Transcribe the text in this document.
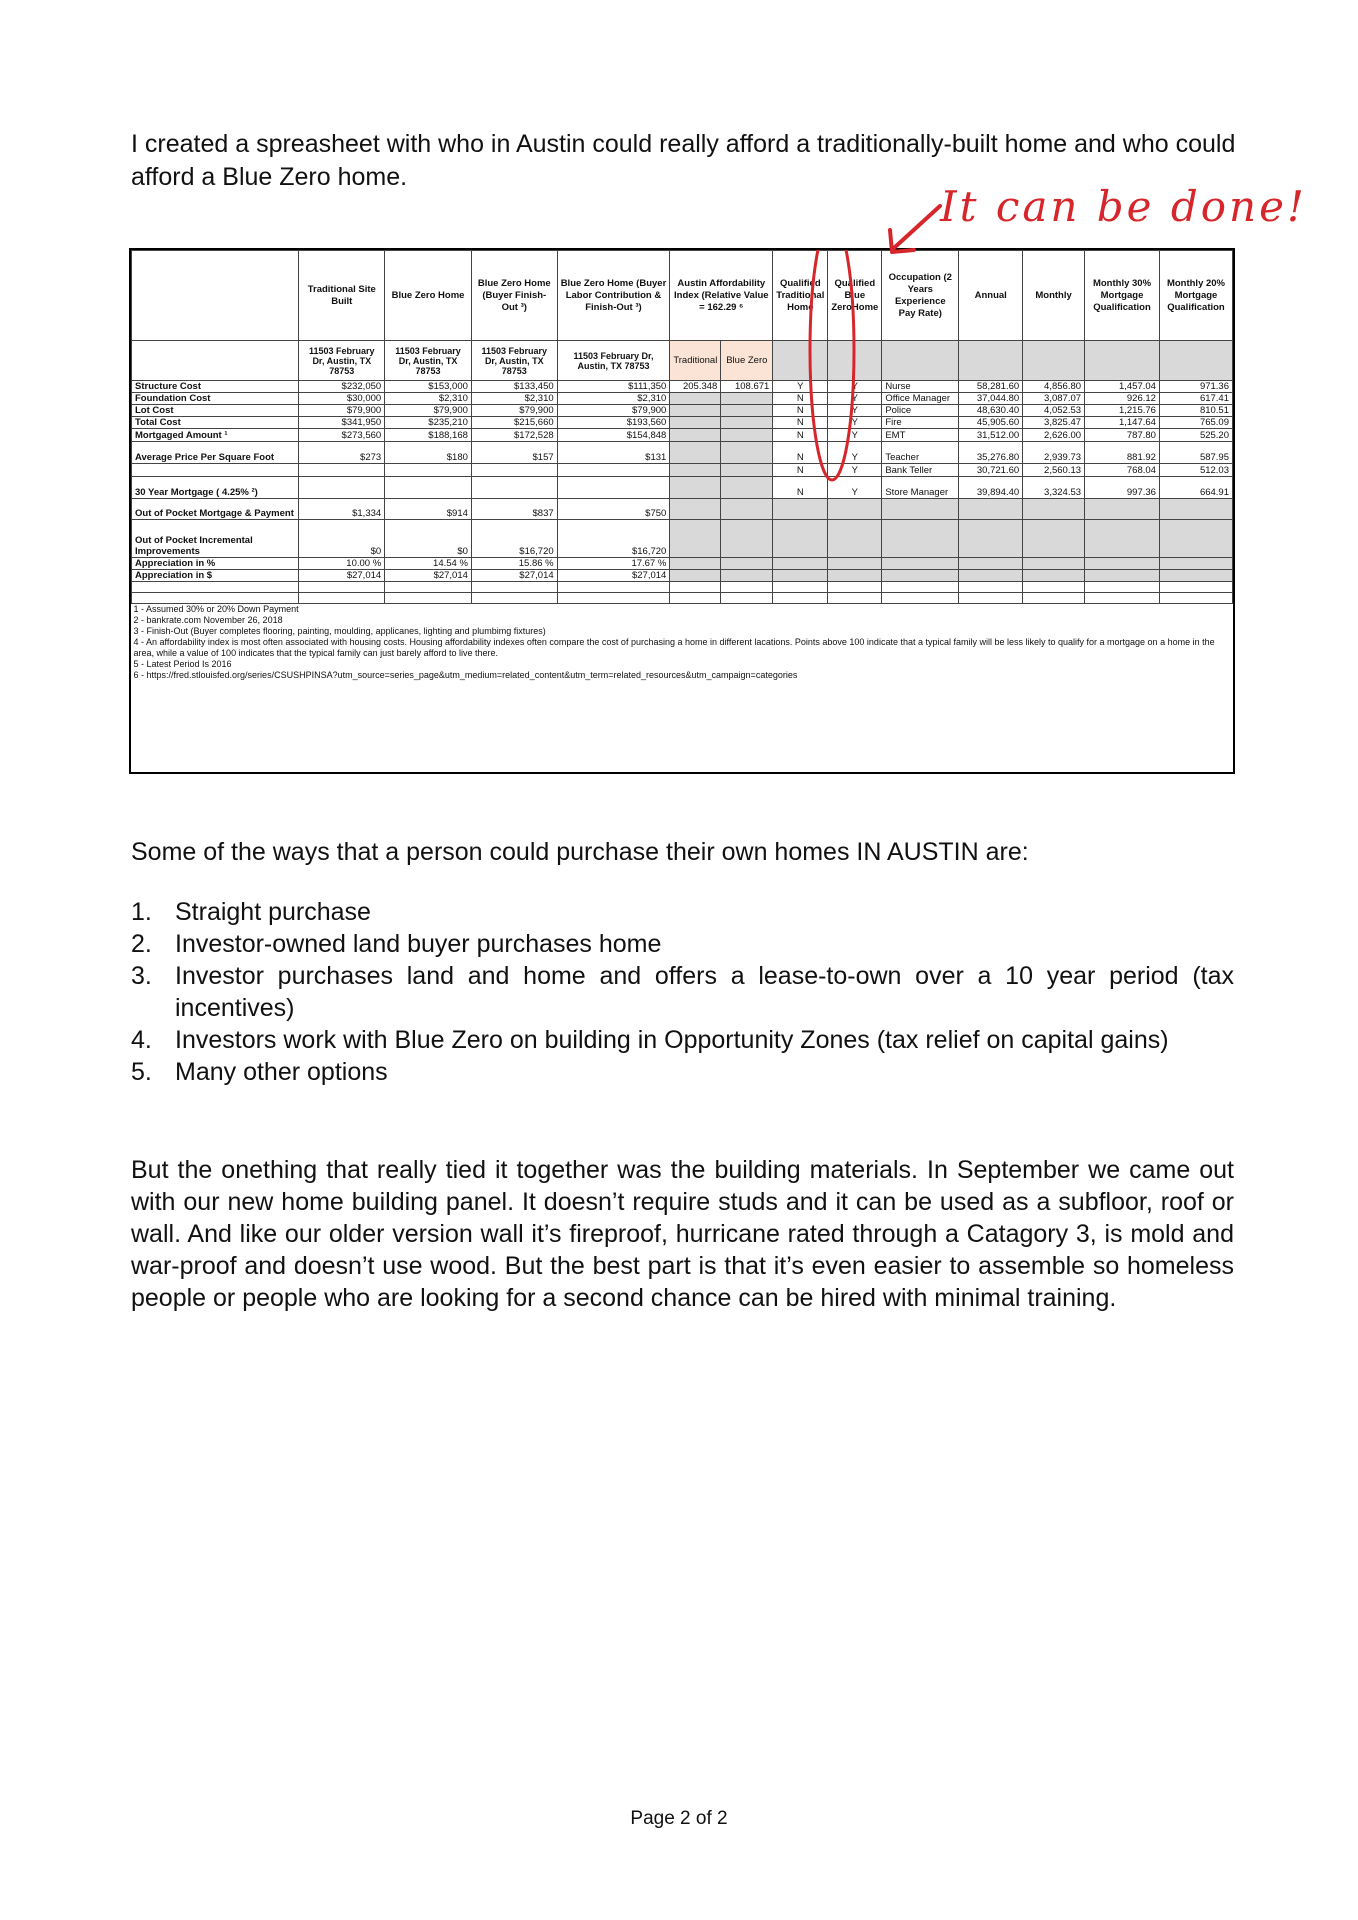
I created a spreasheet with who in Austin could really afford a traditionally-built home and who could afford a Blue Zero home.
It can be done!
	Traditional Site Built	Blue Zero Home	Blue Zero Home (Buyer Finish-Out ³)	Blue Zero Home (Buyer Labor Contribution & Finish-Out ³)	Austin Affordability Index (Relative Value = 162.29 ⁶		Qualified Traditional Home	Qualified Blue ZeroHome	Occupation (2 Years Experience Pay Rate)	Annual	Monthly	Monthly 30% Mortgage Qualification	Monthly 20% Mortgage Qualification
	11503 February Dr, Austin, TX 78753	11503 February Dr, Austin, TX 78753	11503 February Dr, Austin, TX 78753	11503 February Dr, Austin, TX 78753	Traditional	Blue Zero							
Structure Cost	$232,050	$153,000	$133,450	$111,350	205.348	108.671	Y	Y	Nurse	58,281.60	4,856.80	1,457.04	971.36
Foundation Cost	$30,000	$2,310	$2,310	$2,310			N	Y	Office Manager	37,044.80	3,087.07	926.12	617.41
Lot Cost	$79,900	$79,900	$79,900	$79,900			N	Y	Police	48,630.40	4,052.53	1,215.76	810.51
Total Cost	$341,950	$235,210	$215,660	$193,560			N	Y	Fire	45,905.60	3,825.47	1,147.64	765.09
Mortgaged Amount ¹	$273,560	$188,168	$172,528	$154,848			N	Y	EMT	31,512.00	2,626.00	787.80	525.20
Average Price Per Square Foot	$273	$180	$157	$131			N	Y	Teacher	35,276.80	2,939.73	881.92	587.95
							N	Y	Bank Teller	30,721.60	2,560.13	768.04	512.03
30 Year Mortgage ( 4.25% ²)							N	Y	Store Manager	39,894.40	3,324.53	997.36	664.91
Out of Pocket Mortgage & Payment	$1,334	$914	$837	$750									
Out of Pocket Incremental Improvements	$0	$0	$16,720	$16,720									
Appreciation in %	10.00 %	14.54 %	15.86 %	17.67 %									
Appreciation in $	$27,014	$27,014	$27,014	$27,014									

1 - Assumed 30% or 20% Down Payment													
2 - bankrate.com November 26, 2018													
3 - Finish-Out (Buyer completes flooring, painting, moulding, applicanes, lighting and plumbimg fixtures)													
4 - An affordability index is most often associated with housing costs. Housing affordability indexes often compare the cost of purchasing a home in different lacations. Points above 100 indicate that a typical family will be less likely to qualify for a mortgage on a home in the area, while a value of 100 indicates that the typical family can just barely afford to live there.													
5 - Latest Period Is 2016													
6 - https://fred.stlouisfed.org/series/CSUSHPINSA?utm_source=series_page&utm_medium=related_content&utm_term=related_resources&utm_campaign=categories													
Some of the ways that a person could purchase their own homes IN AUSTIN are:
1. Straight purchase
2. Investor-owned land buyer purchases home
3. Investor purchases land and home and offers a lease-to-own over a 10 year period (tax incentives)
4. Investors work with Blue Zero on building in Opportunity Zones (tax relief on capital gains)
5. Many other options
But the onething that really tied it together was the building materials. In September we came out with our new home building panel. It doesn’t require studs and it can be used as a subfloor, roof or wall. And like our older version wall it’s fireproof, hurricane rated through a Catagory 3, is mold and war-proof and doesn’t use wood. But the best part is that it’s even easier to assemble so homeless people or people who are looking for a second chance can be hired with minimal training.
Page 2 of 2
